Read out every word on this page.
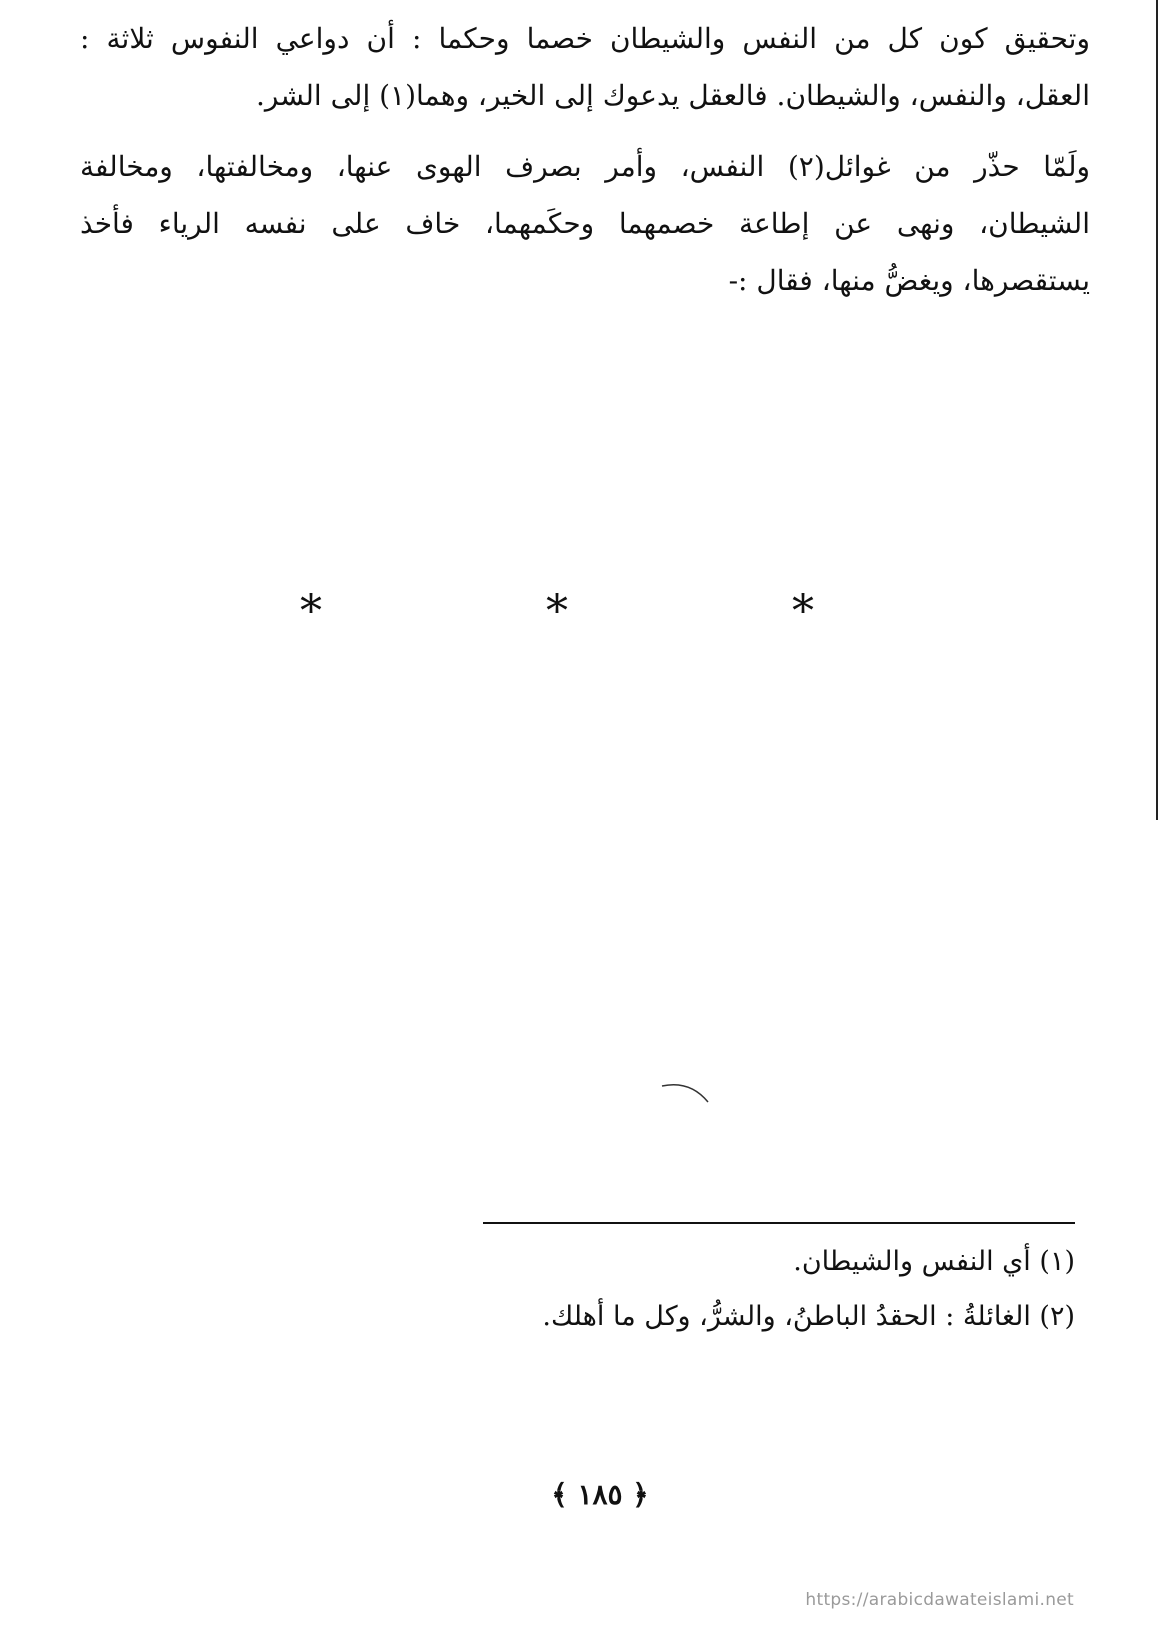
وتحقيق كون كل من النفس والشيطان خصما وحكما : أن دواعي النفوس ثلاثة :
العقل، والنفس، والشيطان. فالعقل يدعوك إلى الخير، وهما(١) إلى الشر.

ولَمّا حذّر من غوائل(٢) النفس، وأمر بصرف الهوى عنها، ومخالفتها، ومخالفة
الشيطان، ونهى عن إطاعة خصمهما وحكَمهما، خاف على نفسه الرياء فأخذ
يستقصرها، ويغضُّ منها، فقال :-

*	*	*
(١) أي النفس والشيطان.
(٢) الغائلةُ : الحقدُ الباطنُ، والشرُّ، وكل ما أهلك.
﴿ ١٨٥ ﴾
https://arabicdawateislami.net
